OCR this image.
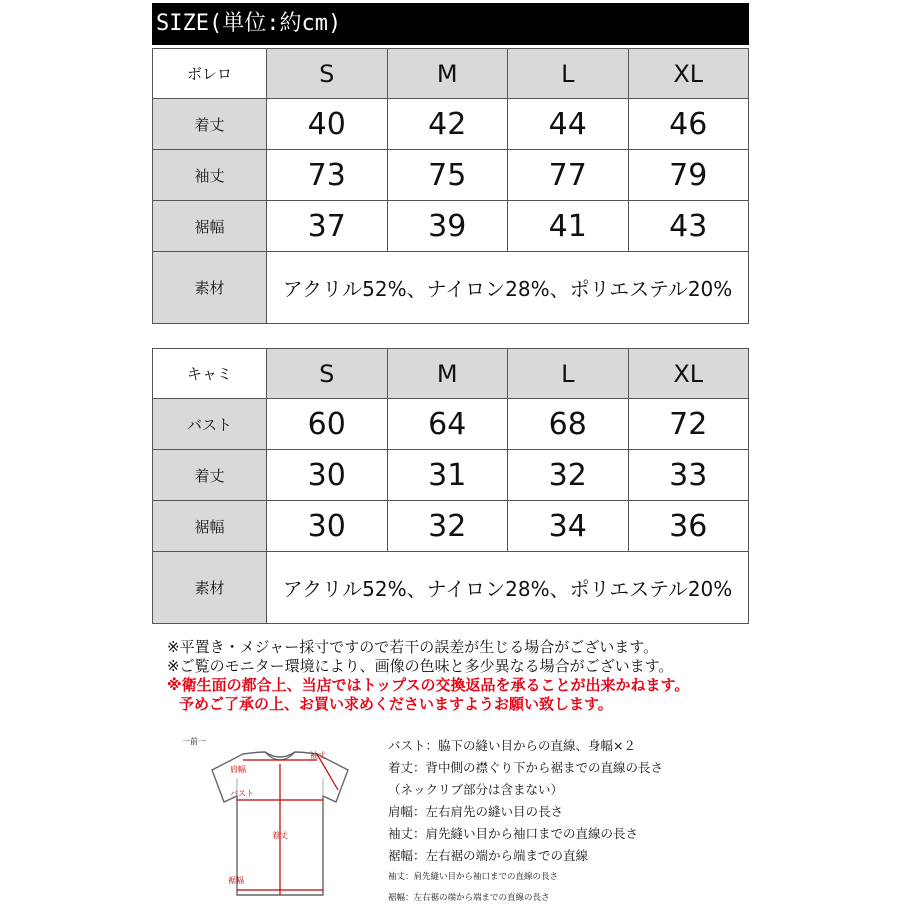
SIZE(単位:約cm)
ボレロ	S	M	L	XL
着丈	40	42	44	46
袖丈	73	75	77	79
裾幅	37	39	41	43
素材	アクリル52%、ナイロン28%、ポリエステル20%			
キャミ	S	M	L	XL
バスト	60	64	68	72
着丈	30	31	32	33
裾幅	30	32	34	36
素材	アクリル52%、ナイロン28%、ポリエステル20%			
※平置き・メジャー採寸ですので若干の誤差が生じる場合がございます。
※ご覧のモニター環境により、画像の色味と多少異なる場合がございます。
※衛生面の都合上、当店ではトップスの交換返品を承ることが出来かねます。
予めご了承の上、お買い求めくださいますようお願い致します。
一前一
袖丈
肩幅
バスト
着丈
裾幅
バスト：脇下の縫い目からの直線、身幅×２
着丈：背中側の襟ぐり下から裾までの直線の長さ
（ネックリブ部分は含まない）
肩幅：左右肩先の縫い目の長さ
袖丈：肩先縫い目から袖口までの直線の長さ
裾幅：左右裾の端から端までの直線
袖丈：肩先縫い目から袖口までの直線の長さ
裾幅：左右裾の端から端までの直線の長さ
